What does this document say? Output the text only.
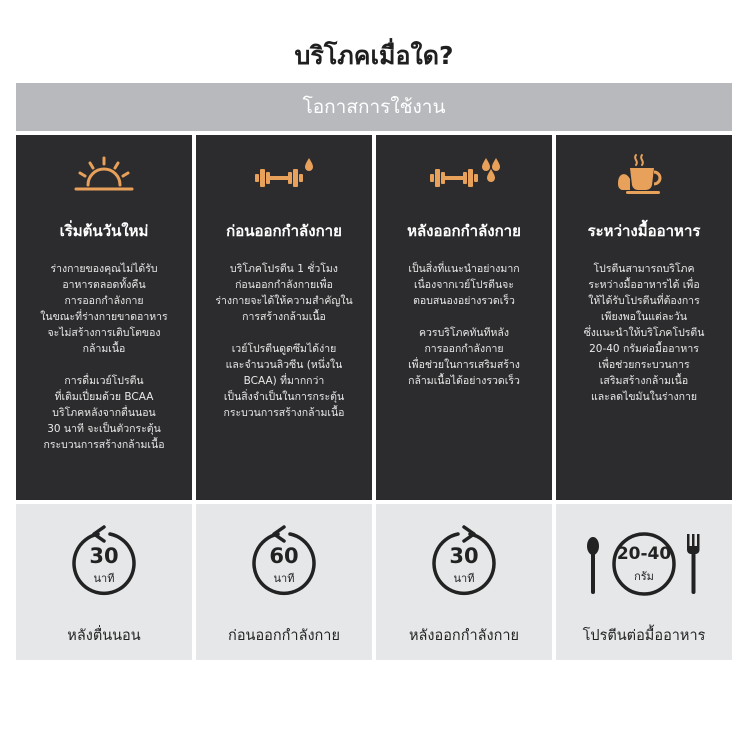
บริโภคเมื่อใด?
โอกาสการใช้งาน
เริ่มต้นวันใหม่
ร่างกายของคุณไม่ได้รับ
อาหารตลอดทั้งคืน
การออกกำลังกาย
ในขณะที่ร่างกายขาดอาหาร
จะไม่สร้างการเติบโตของ
กล้ามเนื้อ
การดื่มเวย์โปรตีน
ที่เติมเปี่ยมด้วย BCAA
บริโภคหลังจากตื่นนอน
30 นาที จะเป็นตัวกระตุ้น
กระบวนการสร้างกล้ามเนื้อ
30
นาที
หลังตื่นนอน
ก่อนออกกำลังกาย
บริโภคโปรตีน 1 ชั่วโมง
ก่อนออกกำลังกายเพื่อ
ร่างกายจะได้ให้ความสำคัญใน
การสร้างกล้ามเนื้อ
เวย์โปรตีนดูดซึมได้ง่าย
และจำนวนลิวซีน (หนึ่งใน
BCAA) ที่มากกว่า
เป็นสิ่งจำเป็นในการกระตุ้น
กระบวนการสร้างกล้ามเนื้อ
60
นาที
ก่อนออกกำลังกาย
หลังออกกำลังกาย
เป็นสิ่งที่แนะนำอย่างมาก
เนื่องจากเวย์โปรตีนจะ
ตอบสนองอย่างรวดเร็ว
ควรบริโภคทันทีหลัง
การออกกำลังกาย
เพื่อช่วยในการเสริมสร้าง
กล้ามเนื้อได้อย่างรวดเร็ว
30
นาที
หลังออกกำลังกาย
ระหว่างมื้ออาหาร
โปรตีนสามารถบริโภค
ระหว่างมื้ออาหารได้ เพื่อ
ให้ได้รับโปรตีนที่ต้องการ
เพียงพอในแต่ละวัน
ซึ่งแนะนำให้บริโภคโปรตีน
20-40 กรัมต่อมื้ออาหาร
เพื่อช่วยกระบวนการ
เสริมสร้างกล้ามเนื้อ
และลดไขมันในร่างกาย
20-40
กรัม
โปรตีนต่อมื้ออาหาร
